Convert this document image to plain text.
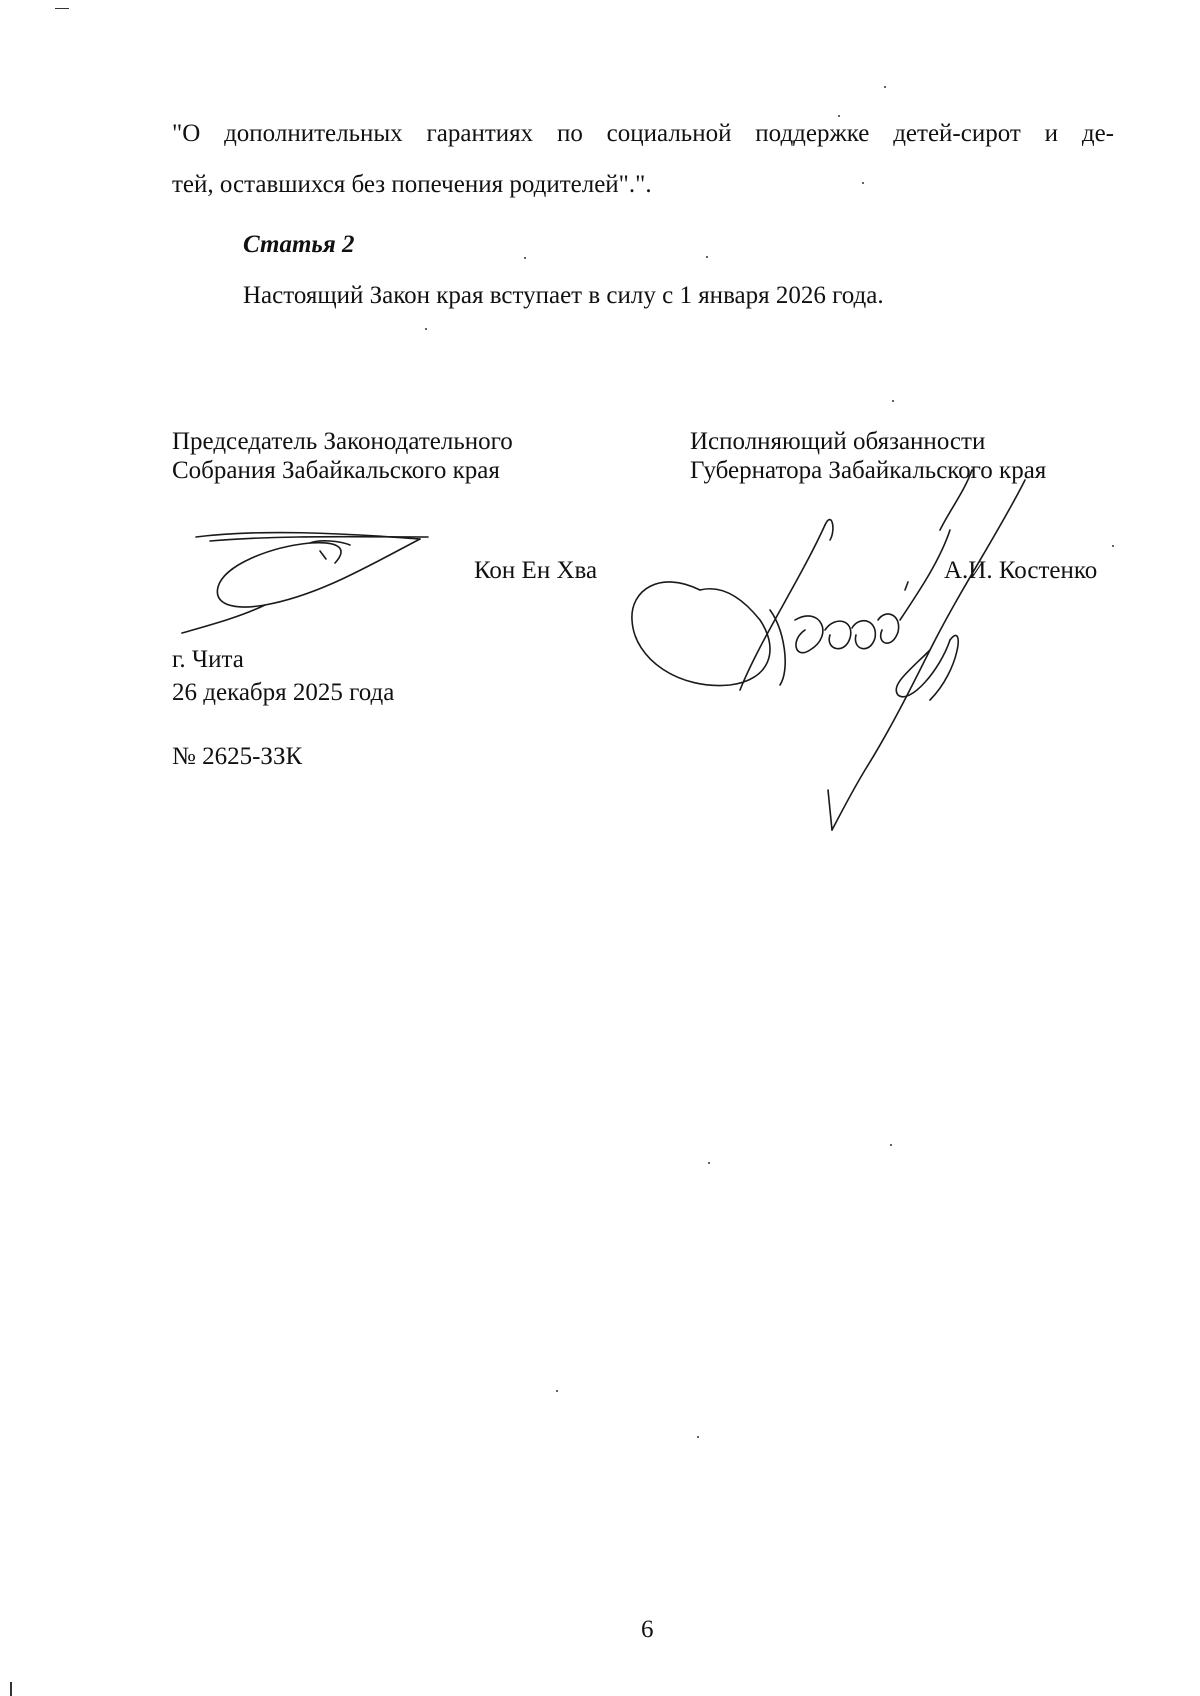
"О дополнительных гарантиях по социальной поддержке детей-сирот и де-
тей, оставшихся без попечения родителей".".
Статья 2
Настоящий Закон края вступает в силу с 1 января 2026 года.
Председатель Законодательного
Собрания Забайкальского края
Кон Ен Хва
Исполняющий обязанности
Губернатора Забайкальского края
А.И. Костенко
г. Чита
26 декабря 2025 года
№ 2625-ЗЗК
6
